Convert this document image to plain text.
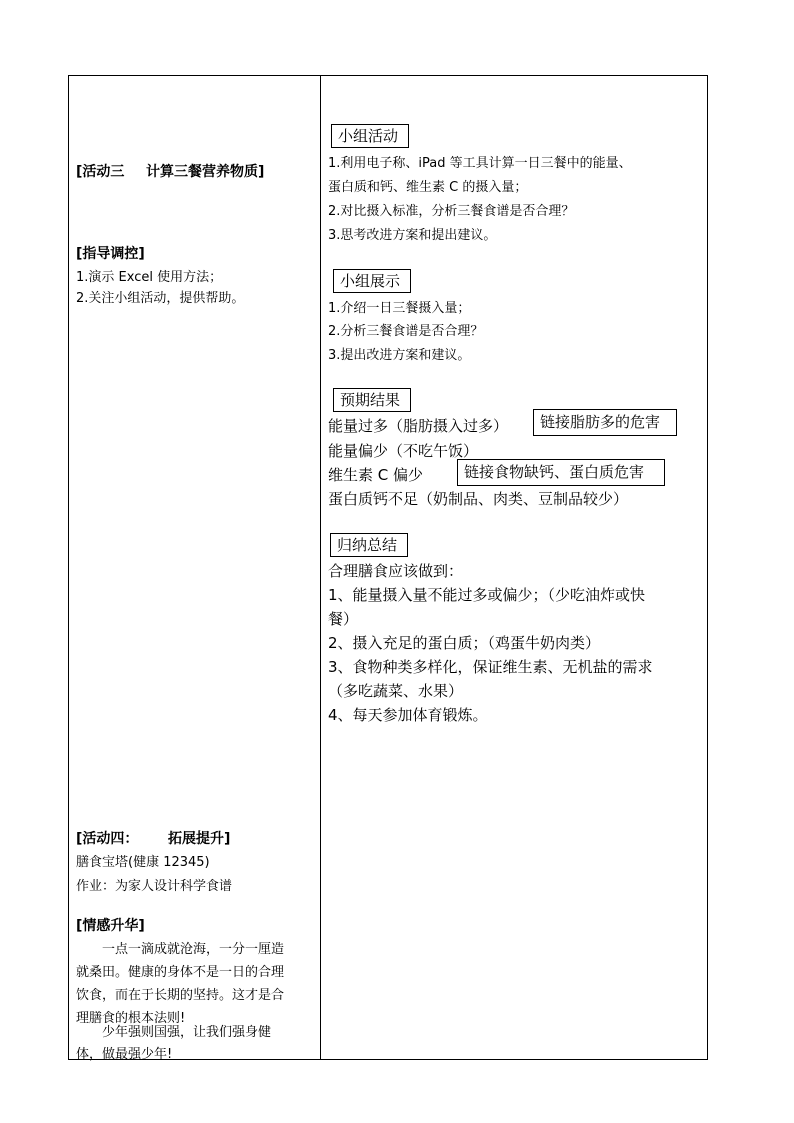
[活动三 计算三餐营养物质]
[指导调控]
1.演示 Excel 使用方法；
2.关注小组活动，提供帮助。
[活动四： 拓展提升]
膳食宝塔(健康 12345)
作业：为家人设计科学食谱
[情感升华]
一点一滴成就沧海，一分一厘造
就桑田。健康的身体不是一日的合理
饮食，而在于长期的坚持。这才是合
理膳食的根本法则!
少年强则国强，让我们强身健
体，做最强少年!
小组活动
1.利用电子称、iPad 等工具计算一日三餐中的能量、
蛋白质和钙、维生素 C 的摄入量；
2.对比摄入标准，分析三餐食谱是否合理？
3.思考改进方案和提出建议。
小组展示
1.介绍一日三餐摄入量；
2.分析三餐食谱是否合理？
3.提出改进方案和建议。
预期结果
能量过多（脂肪摄入过多）	链接脂肪多的危害
能量偏少（不吃午饭）
维生素 C 偏少	链接食物缺钙、蛋白质危害
蛋白质钙不足（奶制品、肉类、豆制品较少）
归纳总结
合理膳食应该做到：
1、能量摄入量不能过多或偏少；（少吃油炸或快
餐）
2、摄入充足的蛋白质；（鸡蛋牛奶肉类）
3、食物种类多样化，保证维生素、无机盐的需求
（多吃蔬菜、水果）
4、每天参加体育锻炼。
